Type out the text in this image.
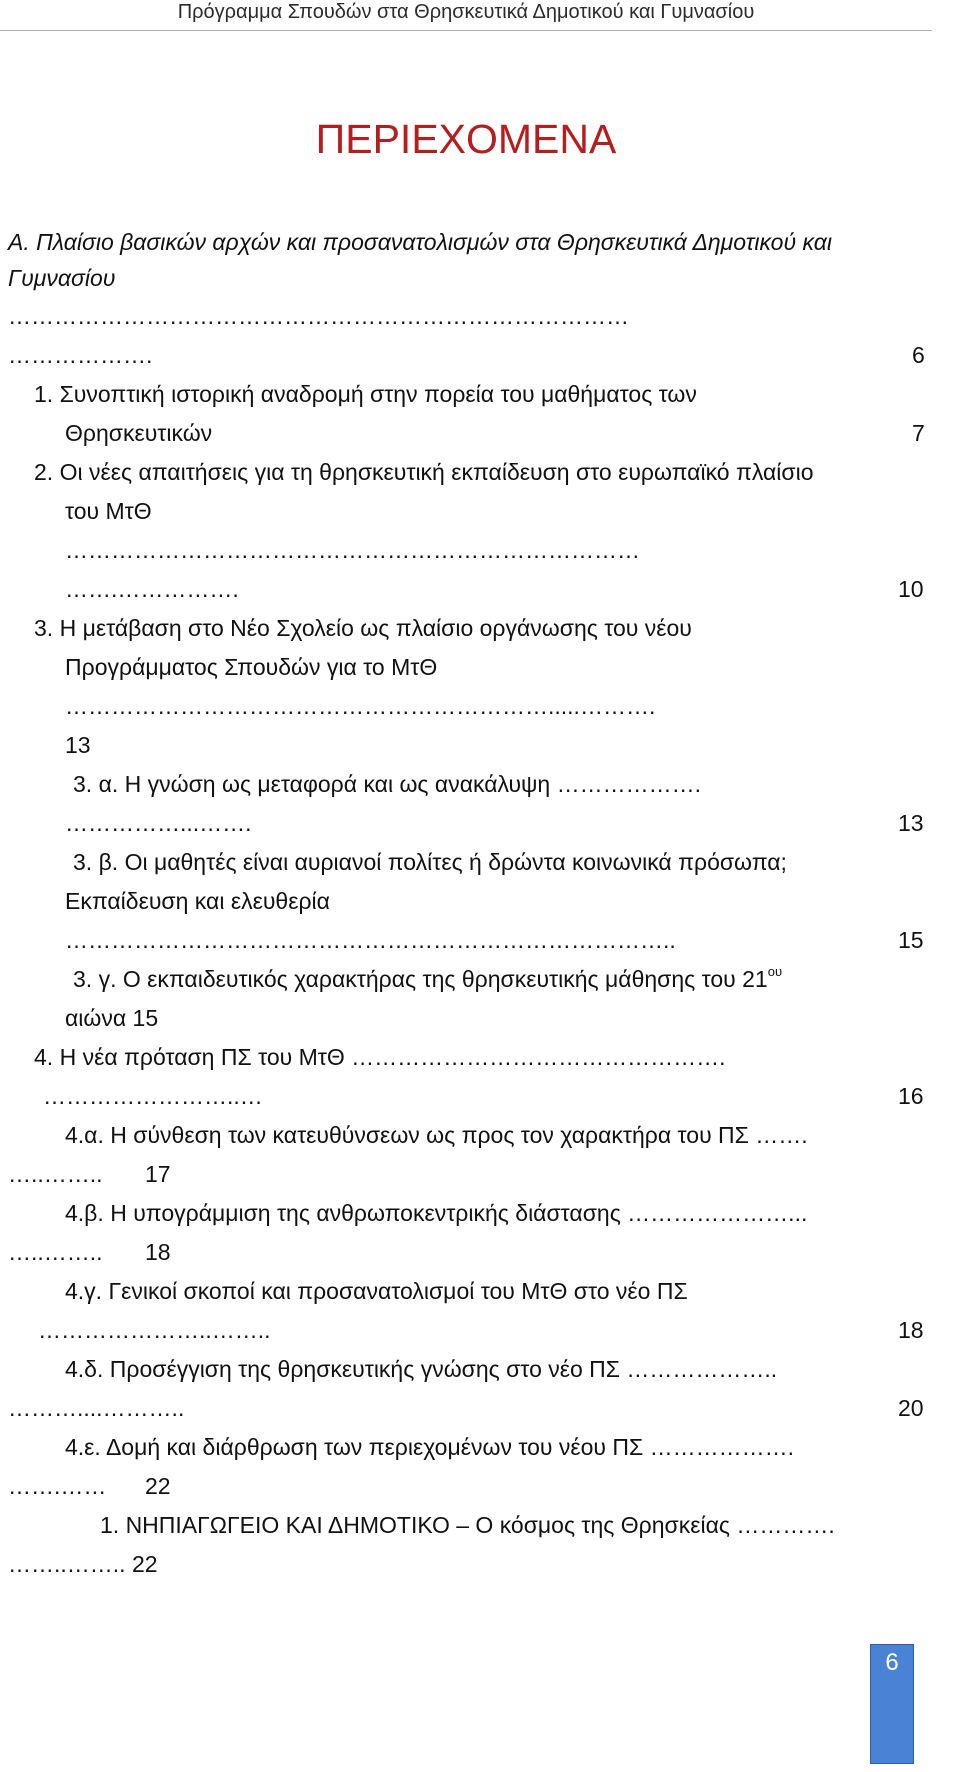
Πρόγραμμα Σπουδών στα Θρησκευτικά Δημοτικού και Γυμνασίου
ΠΕΡΙΕΧΟΜΕΝΑ
Α. Πλαίσιο βασικών αρχών και προσανατολισμών στα Θρησκευτικά Δημοτικού και
Γυμνασίου
………………………………………………………………………
……………….	6
1. Συνοπτική ιστορική αναδρομή στην πορεία του μαθήματος των
Θρησκευτικών	7
2. Οι νέες απαιτήσεις για τη θρησκευτική εκπαίδευση στο ευρωπαϊκό πλαίσιο
του ΜτΘ
…………………………………………………………………
…….…………….	10
3. Η μετάβαση στο Νέο Σχολείο ως πλαίσιο οργάνωσης του νέου
Προγράμματος Σπουδών για το ΜτΘ
……………………………………………………….....……….
13
3. α. Η γνώση ως μεταφορά και ως ανακάλυψη ……………….
……………...…….	13
3. β. Οι μαθητές είναι αυριανοί πολίτες ή δρώντα κοινωνικά πρόσωπα;
Εκπαίδευση και ελευθερία
……………………………………………………………………..	15
3. γ. Ο εκπαιδευτικός χαρακτήρας της θρησκευτικής μάθησης του $21^{o\upsilon}$
αιώνα 15
4. Η νέα πρόταση ΠΣ του ΜτΘ ………………………………………….
……………………..…	16
4.α. Η σύνθεση των κατευθύνσεων ως προς τον χαρακτήρα του ΠΣ …….
…..…….. 17
4.β. Η υπογράμμιση της ανθρωποκεντρικής διάστασης …………………...
…..…….. 18
4.γ. Γενικοί σκοποί και προσανατολισμοί του ΜτΘ στο νέο ΠΣ
…………………..……..	18
4.δ. Προσέγγιση της θρησκευτικής γνώσης στο νέο ΠΣ ………………..
………....………..	20
4.ε. Δομή και διάρθρωση των περιεχομένων του νέου ΠΣ ……………….
…….…… 22
1. ΝΗΠΙΑΓΩΓΕΙΟ ΚΑΙ ΔΗΜΟΤΙΚΟ – Ο κόσμος της Θρησκείας ………….
……..…….. 22
6
